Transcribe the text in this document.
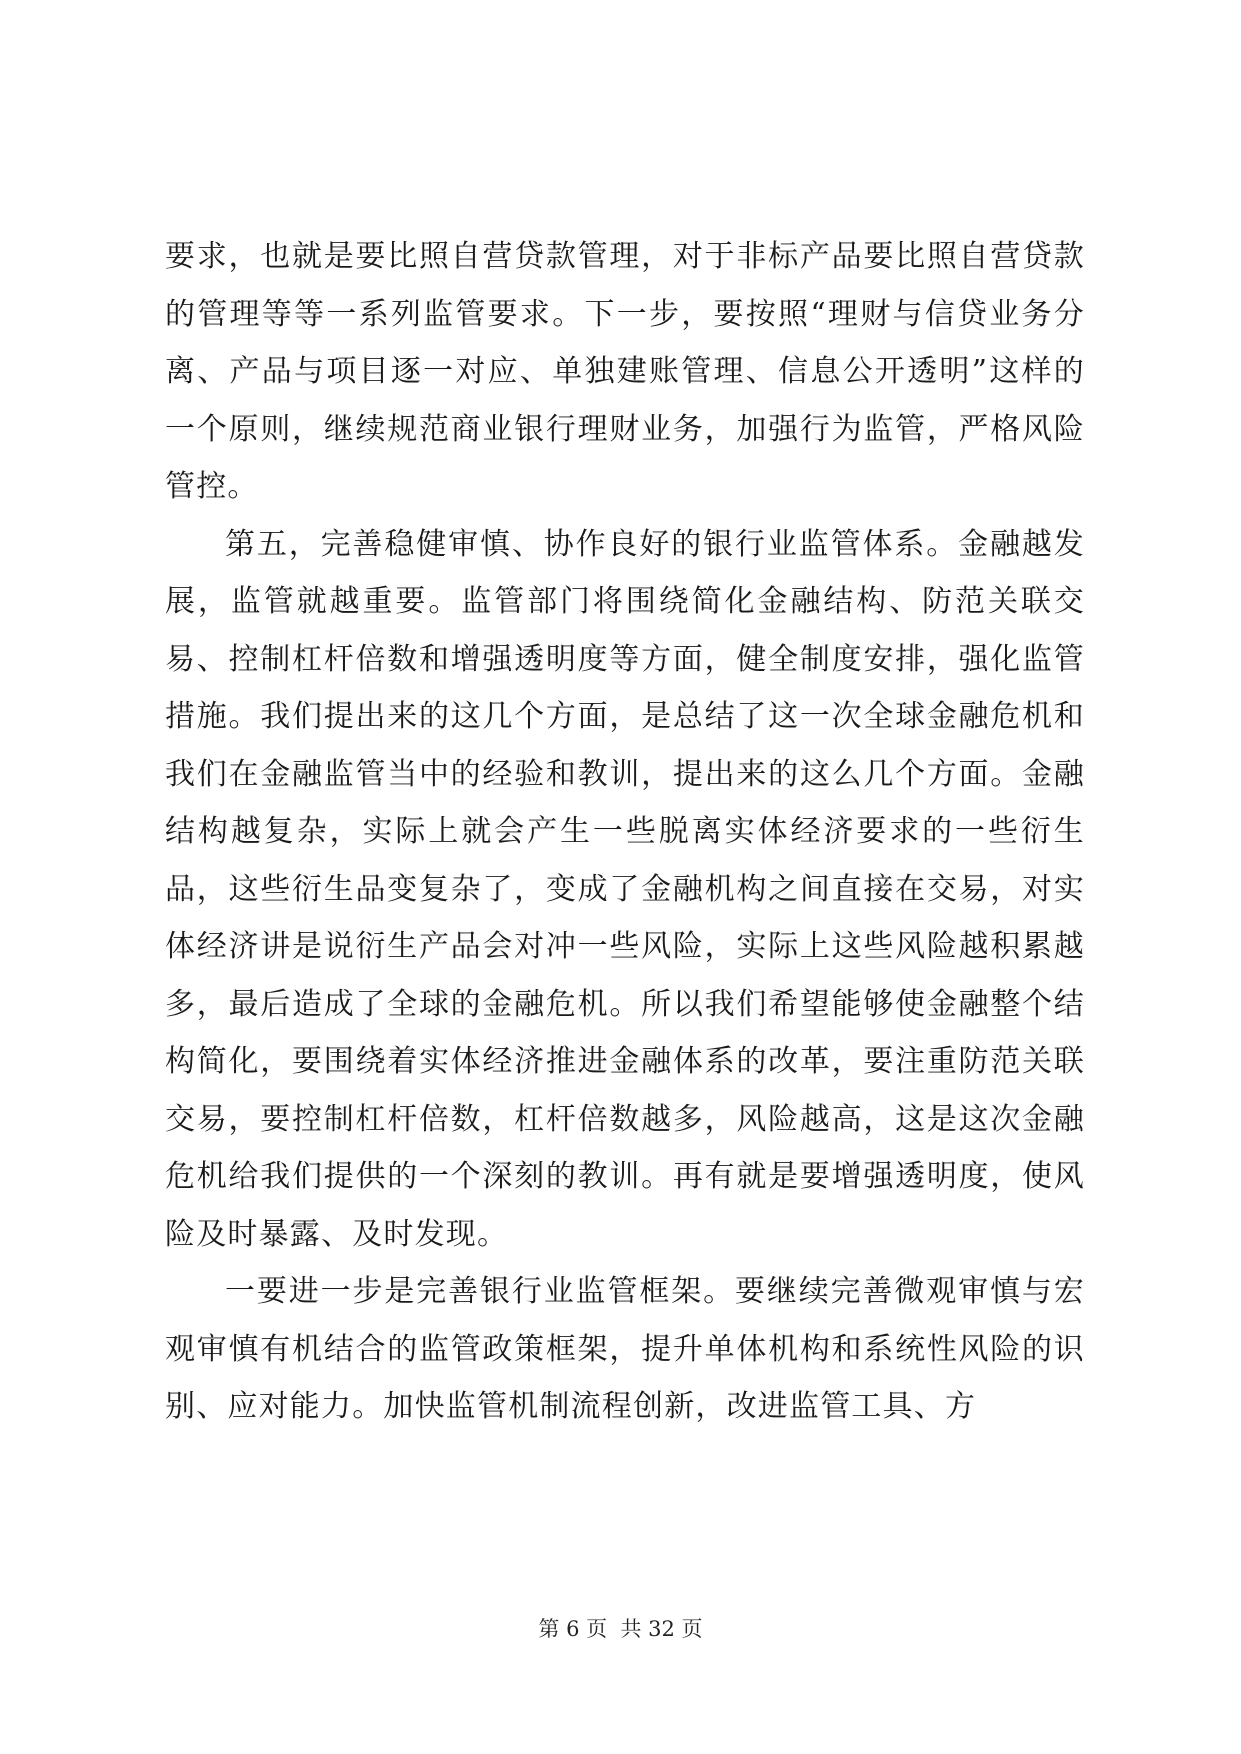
要求，也就是要比照自营贷款管理，对于非标产品要比照自营贷款的管理等等一系列监管要求。下一步，要按照“理财与信贷业务分离、产品与项目逐一对应、单独建账管理、信息公开透明”这样的一个原则，继续规范商业银行理财业务，加强行为监管，严格风险管控。

第五，完善稳健审慎、协作良好的银行业监管体系。金融越发展，监管就越重要。监管部门将围绕简化金融结构、防范关联交易、控制杠杆倍数和增强透明度等方面，健全制度安排，强化监管措施。我们提出来的这几个方面，是总结了这一次全球金融危机和我们在金融监管当中的经验和教训，提出来的这么几个方面。金融结构越复杂，实际上就会产生一些脱离实体经济要求的一些衍生品，这些衍生品变复杂了，变成了金融机构之间直接在交易，对实体经济讲是说衍生产品会对冲一些风险，实际上这些风险越积累越多，最后造成了全球的金融危机。所以我们希望能够使金融整个结构简化，要围绕着实体经济推进金融体系的改革，要注重防范关联交易，要控制杠杆倍数，杠杆倍数越多，风险越高，这是这次金融危机给我们提供的一个深刻的教训。再有就是要增强透明度，使风险及时暴露、及时发现。

一要进一步是完善银行业监管框架。要继续完善微观审慎与宏观审慎有机结合的监管政策框架，提升单体机构和系统性风险的识别、应对能力。加快监管机制流程创新，改进监管工具、方

第 6 页  共 32 页
